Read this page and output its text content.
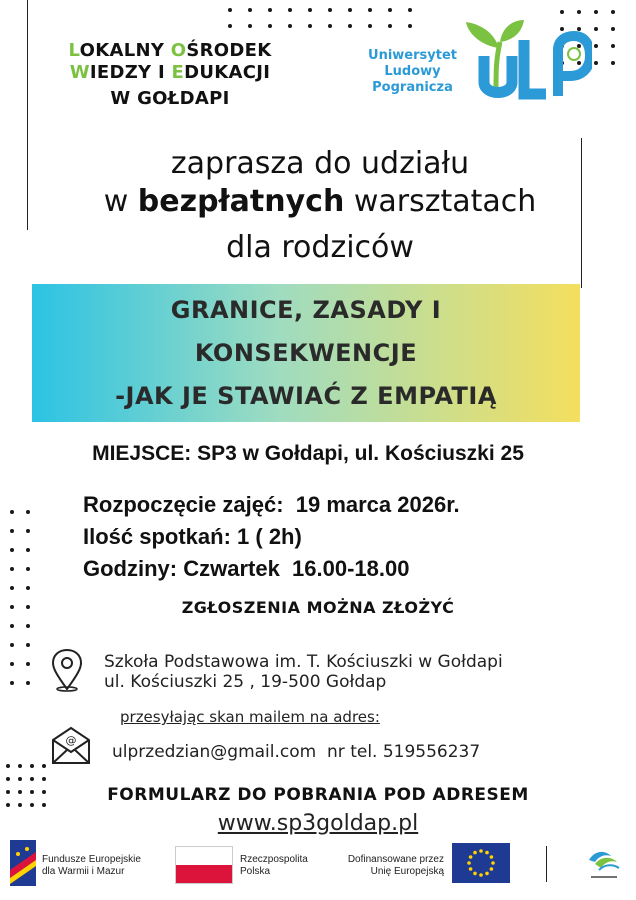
LOKALNY OŚRODEK
WIEDZY I EDUKACJI
W GOŁDAPI
Uniwersytet
Ludowy
Pogranicza
zaprasza do udziału
w bezpłatnych warsztatach
dla rodziców
GRANICE, ZASADY I
KONSEKWENCJE
-JAK JE STAWIAĆ Z EMPATIĄ
MIEJSCE: SP3 w Gołdapi, ul. Kościuszki 25
Rozpoczęcie zajęć:  19 marca 2026r.
Ilość spotkań: 1 ( 2h)
Godziny: Czwartek  16.00-18.00
ZGŁOSZENIA MOŻNA ZŁOŻYĆ
Szkoła Podstawowa im. T. Kościuszki w Gołdapi
ul. Kościuszki 25 , 19-500 Gołdap
przesyłając skan mailem na adres:
@
ulprzedzian@gmail.com  nr tel. 519556237
FORMULARZ DO POBRANIA POD ADRESEM
www.sp3goldap.pl
Fundusze Europejskie
dla Warmii i Mazur
Rzeczpospolita
Polska
Dofinansowane przez
Unię Europejską
